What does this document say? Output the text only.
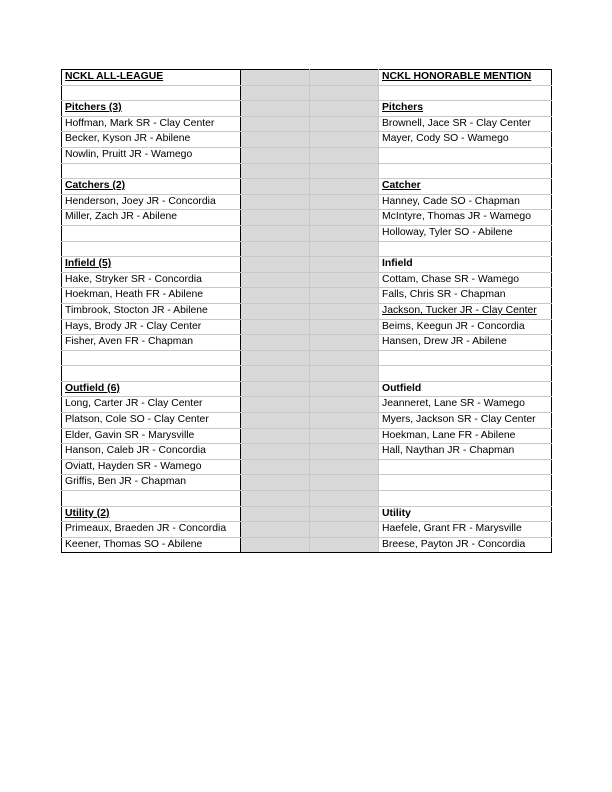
NCKL ALL-LEAGUE			NCKL HONORABLE MENTION

Pitchers (3)			Pitchers
Hoffman, Mark SR - Clay Center			Brownell, Jace SR - Clay Center
Becker, Kyson JR - Abilene			Mayer, Cody SO - Wamego
Nowlin, Pruitt JR - Wamego			

Catchers (2)			Catcher
Henderson, Joey JR - Concordia			Hanney, Cade SO - Chapman
Miller, Zach JR - Abilene			McIntyre, Thomas JR - Wamego
			Holloway, Tyler SO - Abilene

Infield (5)			Infield
Hake, Stryker SR - Concordia			Cottam, Chase SR - Wamego
Hoekman, Heath FR - Abilene			Falls, Chris SR - Chapman
Timbrook, Stocton JR - Abilene			Jackson, Tucker JR - Clay Center
Hays, Brody JR - Clay Center			Beims, Keegun JR - Concordia
Fisher, Aven FR - Chapman			Hansen, Drew JR - Abilene

Outfield (6)			Outfield
Long, Carter JR - Clay Center			Jeanneret, Lane SR - Wamego
Platson, Cole SO - Clay Center			Myers, Jackson SR - Clay Center
Elder, Gavin SR - Marysville			Hoekman, Lane FR - Abilene
Hanson, Caleb JR - Concordia			Hall, Naythan JR - Chapman
Oviatt, Hayden SR - Wamego			
Griffis, Ben JR - Chapman			

Utility (2)			Utility
Primeaux, Braeden JR - Concordia			Haefele, Grant FR - Marysville
Keener, Thomas SO - Abilene			Breese, Payton JR - Concordia
